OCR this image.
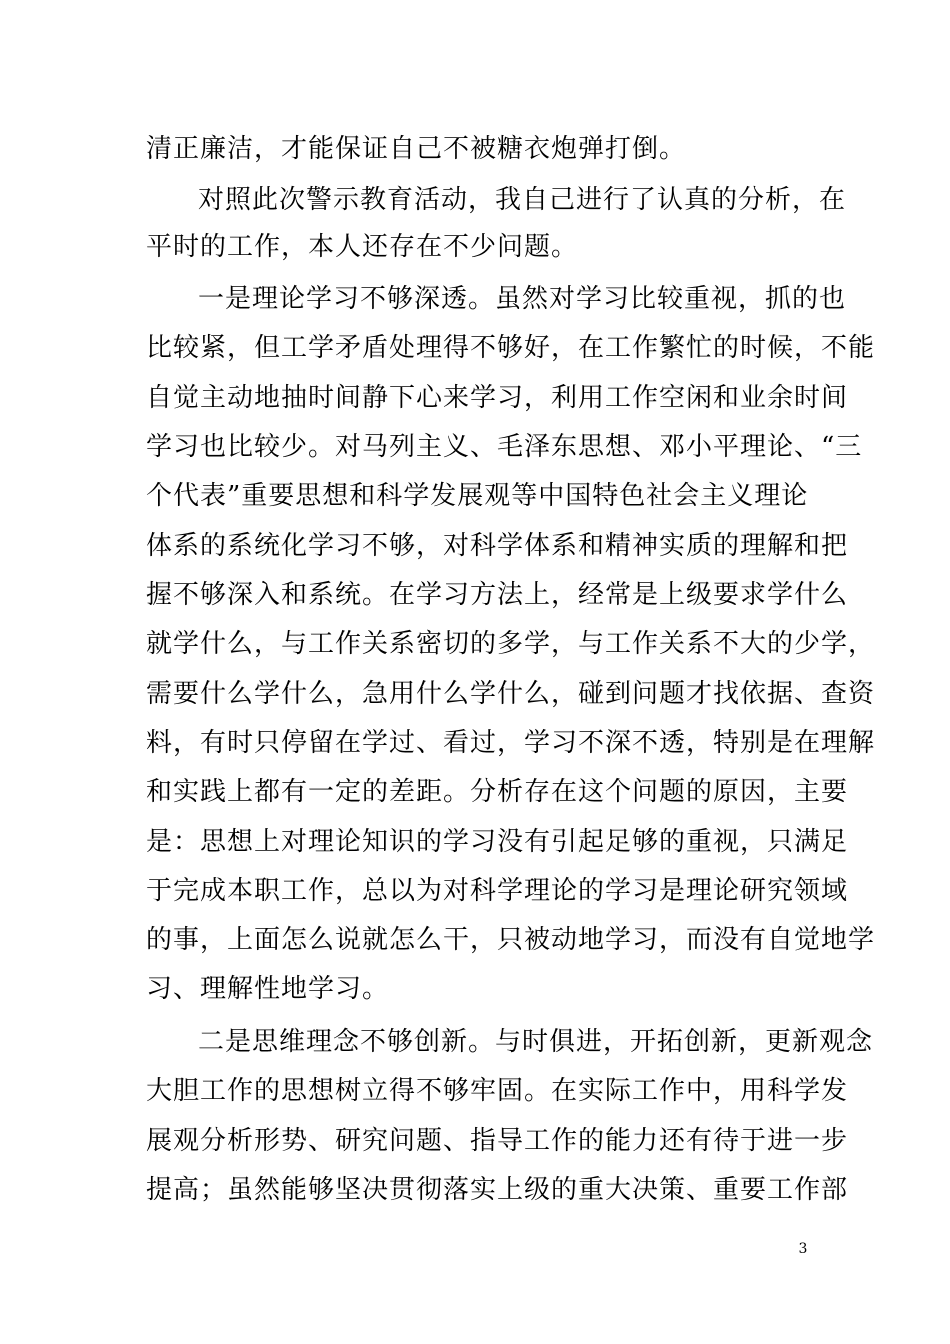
清正廉洁，才能保证自己不被糖衣炮弹打倒。
对照此次警示教育活动，我自己进行了认真的分析，在
平时的工作，本人还存在不少问题。
一是理论学习不够深透。虽然对学习比较重视，抓的也
比较紧，但工学矛盾处理得不够好，在工作繁忙的时候，不能
自觉主动地抽时间静下心来学习，利用工作空闲和业余时间
学习也比较少。对马列主义、毛泽东思想、邓小平理论、“三
个代表”重要思想和科学发展观等中国特色社会主义理论
体系的系统化学习不够，对科学体系和精神实质的理解和把
握不够深入和系统。在学习方法上，经常是上级要求学什么
就学什么，与工作关系密切的多学，与工作关系不大的少学，
需要什么学什么，急用什么学什么，碰到问题才找依据、查资
料，有时只停留在学过、看过，学习不深不透，特别是在理解
和实践上都有一定的差距。分析存在这个问题的原因，主要
是：思想上对理论知识的学习没有引起足够的重视，只满足
于完成本职工作，总以为对科学理论的学习是理论研究领域
的事，上面怎么说就怎么干，只被动地学习，而没有自觉地学
习、理解性地学习。
二是思维理念不够创新。与时俱进，开拓创新，更新观念
大胆工作的思想树立得不够牢固。在实际工作中，用科学发
展观分析形势、研究问题、指导工作的能力还有待于进一步
提高；虽然能够坚决贯彻落实上级的重大决策、重要工作部
3
